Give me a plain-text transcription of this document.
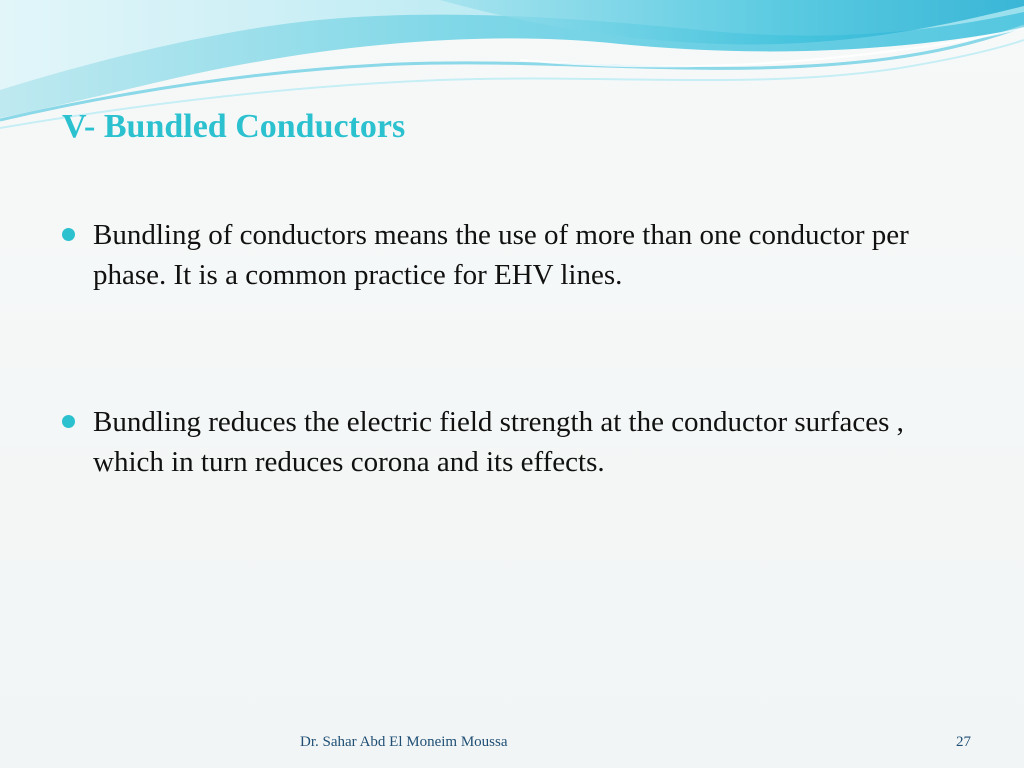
V- Bundled Conductors
Bundling of conductors means the use of more than one conductor per phase. It is a common practice for EHV lines.
Bundling reduces the electric field strength at the conductor surfaces , which in turn reduces corona and its effects.
Dr. Sahar Abd El Moneim Moussa	27
